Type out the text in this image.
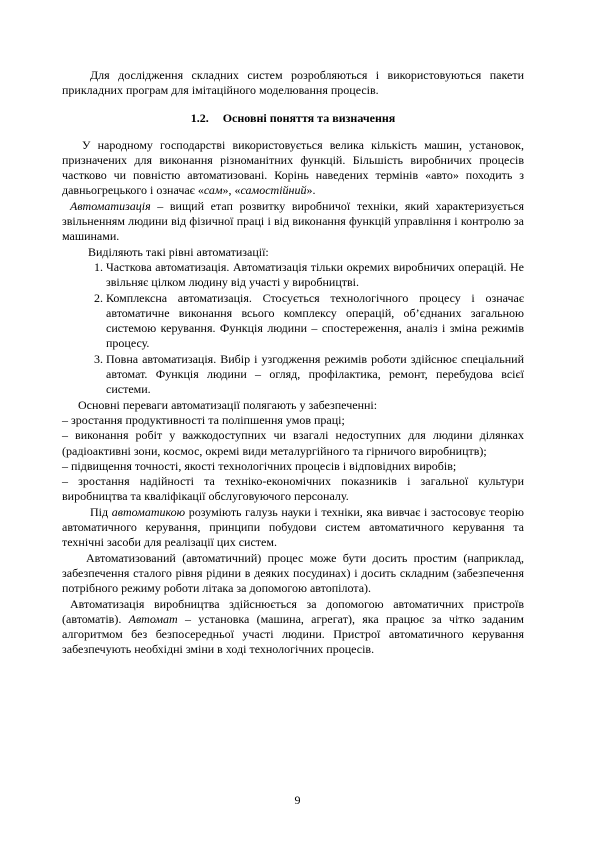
Для дослідження складних систем розробляються і використовуються пакети прикладних програм для імітаційного моделювання процесів.

1.2. Основні поняття та визначення

У народному господарстві використовується велика кількість машин, установок, призначених для виконання різноманітних функцій. Більшість виробничих процесів частково чи повністю автоматизовані. Корінь наведених термінів «авто» походить з давньогрецького і означає «сам», «самостійний».

Автоматизація – вищий етап розвитку виробничої техніки, який характеризується звільненням людини від фізичної праці і від виконання функцій управління і контролю за машинами.

Виділяють такі рівні автоматизації:

1. Часткова автоматизація. Автоматизація тільки окремих виробничих операцій. Не звільняє цілком людину від участі у виробництві.
2. Комплексна автоматизація. Стосується технологічного процесу і означає автоматичне виконання всього комплексу операцій, об’єднаних загальною системою керування. Функція людини – спостереження, аналіз і зміна режимів процесу.
3. Повна автоматизація. Вибір і узгодження режимів роботи здійснює спеціальний автомат. Функція людини – огляд, профілактика, ремонт, перебудова всієї системи.

Основні переваги автоматизації полягають у забезпеченні:

– зростання продуктивності та поліпшення умов праці;

– виконання робіт у важкодоступних чи взагалі недоступних для людини ділянках (радіоактивні зони, космос, окремі види металургійного та гірничого виробництв);

– підвищення точності, якості технологічних процесів і відповідних виробів;

– зростання надійності та техніко-економічних показників і загальної культури виробництва та кваліфікації обслуговуючого персоналу.

Під автоматикою розуміють галузь науки і техніки, яка вивчає і застосовує теорію автоматичного керування, принципи побудови систем автоматичного керування та технічні засоби для реалізації цих систем.

Автоматизований (автоматичний) процес може бути досить простим (наприклад, забезпечення сталого рівня рідини в деяких посудинах) і досить складним (забезпечення потрібного режиму роботи літака за допомогою автопілота).

Автоматизація виробництва здійснюється за допомогою автоматичних пристроїв (автоматів). Автомат – установка (машина, агрегат), яка працює за чітко заданим алгоритмом без безпосередньої участі людини. Пристрої автоматичного керування забезпечують необхідні зміни в ході технологічних процесів.

9
